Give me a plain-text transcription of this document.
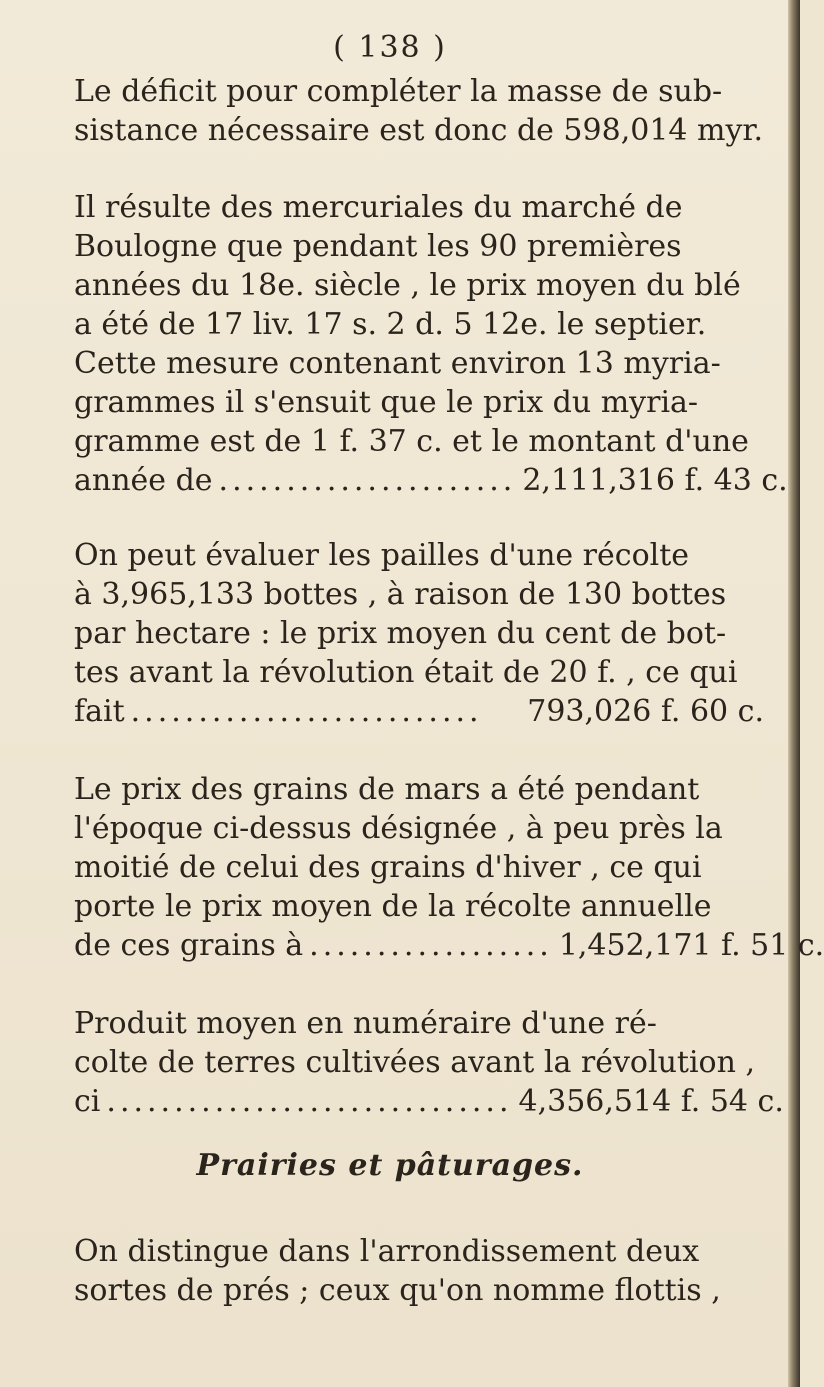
( 138 )

Le déficit pour compléter la masse de sub-

sistance nécessaire est donc de 598,014 myr.

Il résulte des mercuriales du marché de

Boulogne que pendant les 90 premières

années du 18e. siècle , le prix moyen du blé

a été de 17 liv. 17 s. 2 d. 5 12e. le septier.

Cette mesure contenant environ 13 myria-

grammes il s'ensuit que le prix du myria-

gramme est de 1 f. 37 c. et le montant d'une

année de ...................... 2,111,316 f. 43 c.

On peut évaluer les pailles d'une récolte

à 3,965,133 bottes , à raison de 130 bottes

par hectare : le prix moyen du cent de bot-

tes avant la révolution était de 20 f. , ce qui

fait ..........................	793,026 f. 60 c.

Le prix des grains de mars a été pendant

l'époque ci-dessus désignée , à peu près la

moitié de celui des grains d'hiver , ce qui

porte le prix moyen de la récolte annuelle

de ces grains à .................. 1,452,171 f. 51 c.

Produit moyen en numéraire d'une ré-

colte de terres cultivées avant la révolution ,

ci .............................. 4,356,514 f. 54 c.
Prairies et pâturages.

On distingue dans l'arrondissement deux

sortes de prés ; ceux qu'on nomme flottis ,
